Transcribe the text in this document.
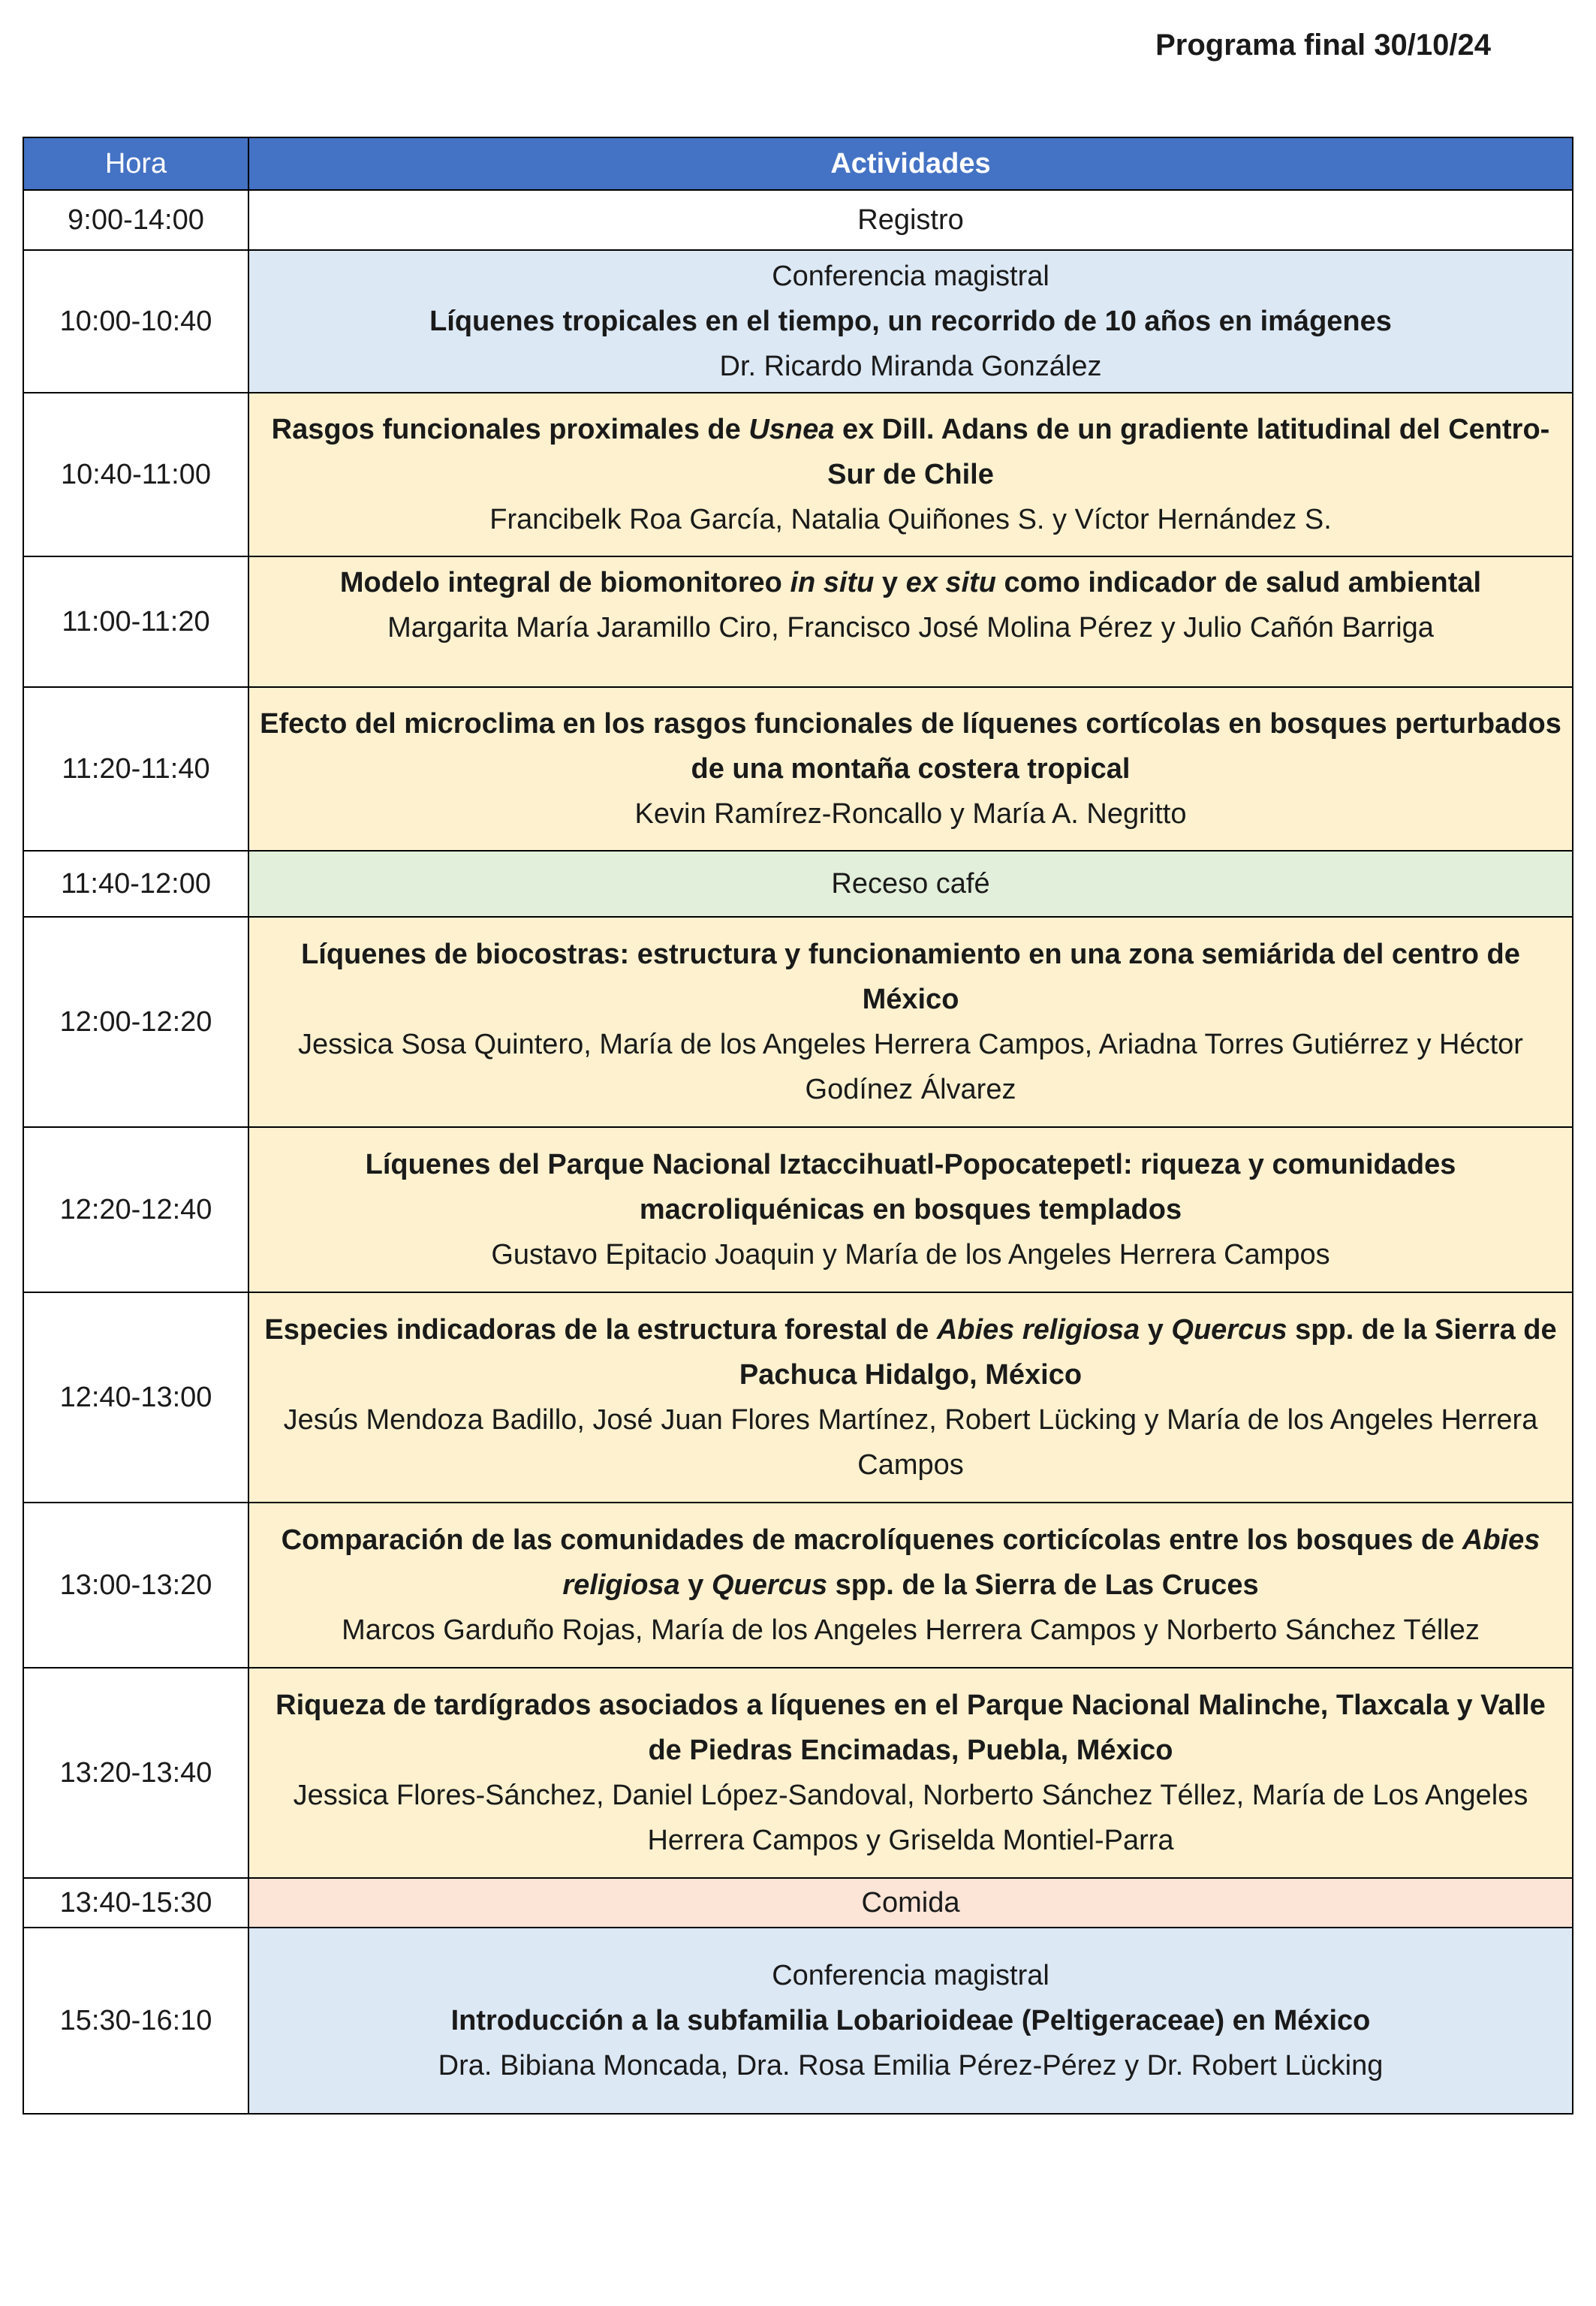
Programa final 30/10/24
Hora	Actividades
9:00-14:00	Registro
10:00-10:40	Conferencia magistral
Líquenes tropicales en el tiempo, un recorrido de 10 años en imágenes
Dr. Ricardo Miranda González

10:40-11:00	Rasgos funcionales proximales de Usnea ex Dill. Adans de un gradiente latitudinal del Centro-Sur de Chile
Francibelk Roa García, Natalia Quiñones S. y Víctor Hernández S.

11:00-11:20	Modelo integral de biomonitoreo in situ y ex situ como indicador de salud ambiental
Margarita María Jaramillo Ciro, Francisco José Molina Pérez y Julio Cañón Barriga

11:20-11:40	Efecto del microclima en los rasgos funcionales de líquenes cortícolas en bosques perturbados de una montaña costera tropical
Kevin Ramírez-Roncallo y María A. Negritto

11:40-12:00	Receso café
12:00-12:20	Líquenes de biocostras: estructura y funcionamiento en una zona semiárida del centro de México
Jessica Sosa Quintero, María de los Angeles Herrera Campos, Ariadna Torres Gutiérrez y Héctor Godínez Álvarez

12:20-12:40	Líquenes del Parque Nacional Iztaccihuatl-Popocatepetl: riqueza y comunidades macroliquénicas en bosques templados
Gustavo Epitacio Joaquin y María de los Angeles Herrera Campos

12:40-13:00	Especies indicadoras de la estructura forestal de Abies religiosa y Quercus spp. de la Sierra de Pachuca Hidalgo, México
Jesús Mendoza Badillo, José Juan Flores Martínez, Robert Lücking y María de los Angeles Herrera Campos

13:00-13:20	Comparación de las comunidades de macrolíquenes corticícolas entre los bosques de Abies religiosa y Quercus spp. de la Sierra de Las Cruces
Marcos Garduño Rojas, María de los Angeles Herrera Campos y Norberto Sánchez Téllez

13:20-13:40	Riqueza de tardígrados asociados a líquenes en el Parque Nacional Malinche, Tlaxcala y Valle de Piedras Encimadas, Puebla, México
Jessica Flores-Sánchez, Daniel López-Sandoval, Norberto Sánchez Téllez, María de Los Angeles Herrera Campos y Griselda Montiel-Parra

13:40-15:30	Comida
15:30-16:10	Conferencia magistral
Introducción a la subfamilia Lobarioideae (Peltigeraceae) en México
Dra. Bibiana Moncada, Dra. Rosa Emilia Pérez-Pérez y Dr. Robert Lücking
